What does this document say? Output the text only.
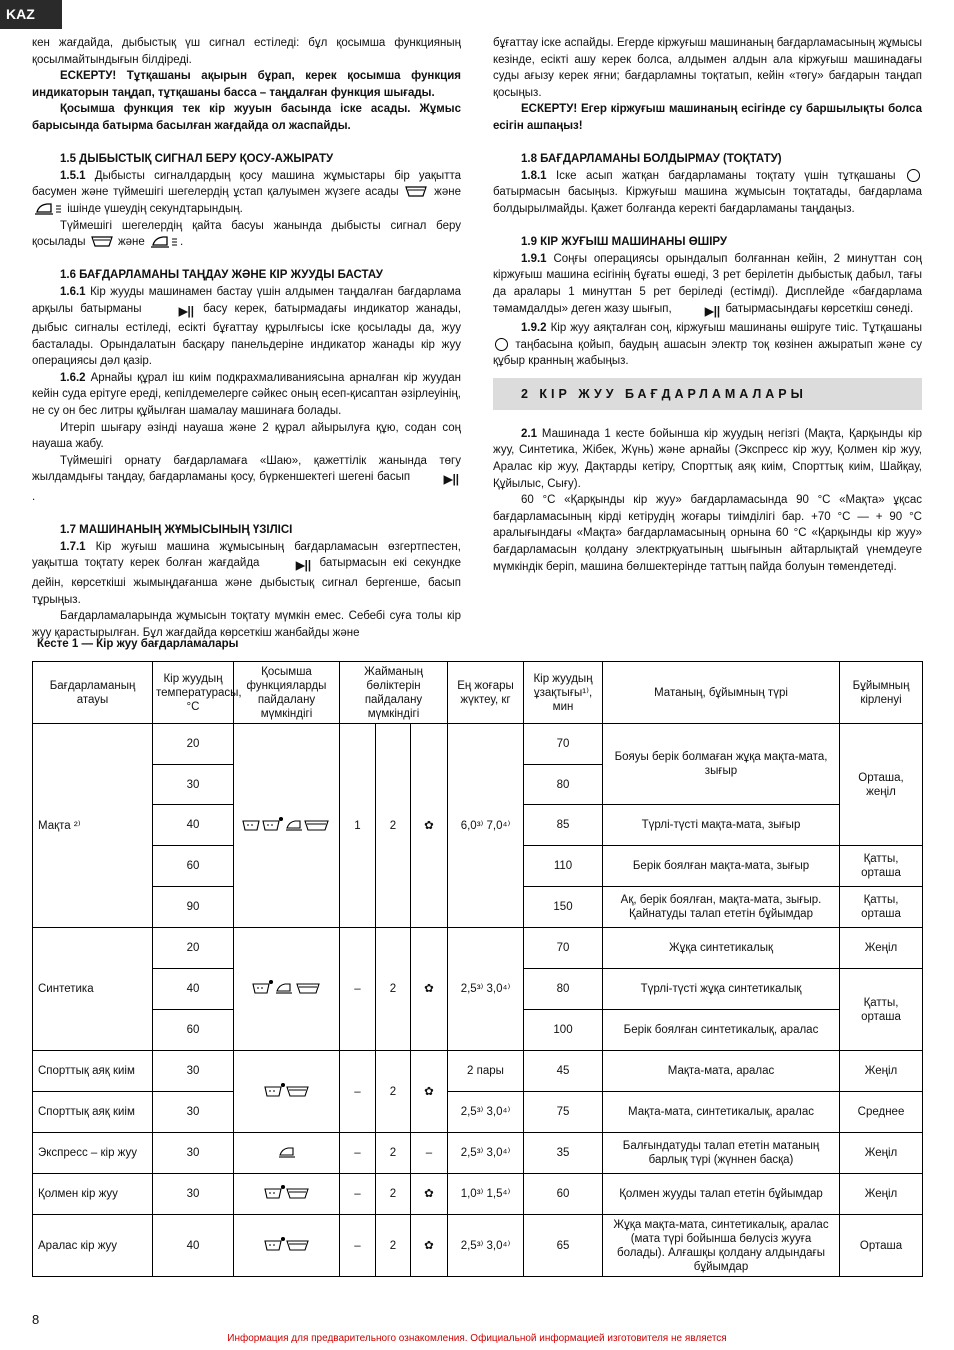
KAZ

кен жағдайда, дыбыстық үш сигнал естіледі: бұл қосымша функцияның қосылмайтындығын білдіреді.

ЕСКЕРТУ! Тұтқашаны ақырын бұрап, керек қосымша функция индикаторын таңдап, тұтқашаны басса – таңдалған функция шығады.

Қосымша функция тек кір жууын басында іске асады. Жұмыс барысында батырма басылған жағдайда ол жаспайды.

1.5 ДЫБЫСТЫҚ СИГНАЛ БЕРУ ҚОСУ-АЖЫРАТУ

1.5.1 Дыбысты сигналдардың қосу машина жұмыстары бір уақытта басумен және түймешігі шегелердің ұстап қалуымен жүзеге асады	және  ішінде үшеудің секундтарындың.

Түймешігі шегелердің қайта басуы жанында дыбысты сигнал беру қосылады	және	.

1.6 БАҒДАРЛАМАНЫ ТАҢДАУ ЖӘНЕ КІР ЖУУДЫ БАСТАУ

1.6.1 Кір жууды машинамен бастау үшін алдымен таңдалған бағдарлама арқылы батырманы	▶|| басу керек, батырмадағы индикатор жанады, дыбыс сигналы естіледі, есікті бұғаттау құрылғысы іске қосылады да, жуу басталады. Орындалатын басқару панельдеріне индикатор жанады кір жуу операциясы дәл қазір.

1.6.2 Арнайы құрал іш киім подкрахмаливаниясына арналған кір жуудан кейін суда ерітуге ереді, кепілдемелерге сәйкес оның есеп-қисаптан әзірлеуінің, не су он бес литры құйылған шамалау машинаға болады.

Итеріп шығару әзінді науаша және 2 құрал айырылуға құю, содан соң науаша жабу.

Түймешігі орнату бағдарламаға «Шаю», қажеттілік жанында төгу жылдамдығы таңдау, бағдарламаны қосу, бүркеншектегі шегені басып	▶||.

1.7 МАШИНАНЫҢ ЖҰМЫСЫНЫҢ ҮЗІЛІСІ

1.7.1 Кір жуғыш машина жұмысының бағдарламасын өзгертпестен, уақытша тоқтату керек болған жағдайда	▶|| батырмасын екі секундке дейін, көрсеткіші жымыңдағанша және дыбыстық сигнал бергенше, басып тұрыңыз.

Бағдарламаларында жұмысын тоқтату мүмкін емес. Себебі суға толы кір жуу қарастырылған. Бұл жағдайда көрсеткіш жанбайды және

бұғаттау іске аспайды. Егерде кіржуғыш машинаның бағдарламасының жұмысы кезінде, есікті ашу керек болса, алдымен алдын ала кіржуғыш машинадағы суды ағызу керек яғни; бағдарламны тоқтатып, кейін «төгу» бағдарын таңдап қосыңыз.

ЕСКЕРТУ! Егер кіржуғыш машинаның есігінде су баршылықты болса есігін ашпаңыз!

1.8 БАҒДАРЛАМАНЫ БОЛДЫРМАУ (ТОҚТАТУ)

1.8.1 Іске асып жатқан бағдарламаны тоқтату үшін тұтқашаны  батырмасын басыңыз. Кіржуғыш машина жұмысын тоқтатады, бағдарлама болдырылмайды. Қажет болғанда керекті бағдарламаны таңдаңыз.

1.9 КІР ЖУҒЫШ МАШИНАНЫ ӨШІРУ

1.9.1 Соңғы операциясы орындалып болғаннан кейін, 2 минуттан соң кіржуғыш машина есігінің бұғаты өшеді, 3 рет берілетін дыбыстық дабыл, тағы да аралары 1 минуттан 5 рет беріледі (естімді). Дисплейде «бағдарлама тәмамдалды» деген жазу шығып,	▶|| батырмасындағы көрсеткіш сөнеді.

1.9.2 Кір жуу аяқталған соң, кіржуғыш машинаны өшіруге тиіс. Тұтқашаны  таңбасына қойып, баудың ашасын электр тоқ көзінен ажыратып және су құбыр кранның жабыңыз.

2 КІР ЖУУ БАҒДАРЛАМАЛАРЫ

2.1 Машинада 1 кесте бойынша кір жуудың негізгі (Мақта, Қарқынды кір жуу, Синтетика, Жібек, Жүнь) және арнайы (Экспресс кір жуу, Қолмен кір жуу, Аралас кір жуу, Дақтарды кетіру, Спорттық аяқ киім, Спорттық киім, Шайқау, Құйылыс, Сығу).

60 °С «Қарқынды кір жуу» бағдарламасында 90 °С «Мақта» ұқсас бағдарламасының кірді кетірудің жоғары тиімділігі бар. +70 °С — + 90 °С аралығындағы «Мақта» бағдарламасының орнына 60 °С «Қарқынды кір жуу» бағдарламасын қолдану электрқуатының шығынын айтарлықтай үнемдеуге мүмкіндік беріп, машина бөлшектерінде таттың пайда болуын төмендетеді.

Кесте 1 — Кір жуу бағдарламалары
Бағдарламаның атауы	Кір жуудың температурасы, °С	Қосымша функцияларды пайдалану мүмкіндігі	Жайманың бөліктерін пайдалану мүмкіндігі			Ең жоғары жүктеу, кг	Кір жуудың ұзақтығы¹⁾, мин	Матаның, бұйымның түрі	Бұйымның кірленуі
Мақта ²⁾	20		1	2	✿	6,0³⁾ 7,0⁴⁾	70	Бояуы берік болмаған жұқа мақта-мата, зығыр	Орташа, жеңіл
	30						80		
	40						85	Түрлі-түсті мақта-мата, зығыр	
	60						110	Берік боялған мақта-мата, зығыр	Қатты, орташа
	90						150	Ақ, берік боялған, мақта-мата, зығыр. Қайнатуды талап ететін бұйымдар	Қатты, орташа
Синтетика	20		–	2	✿	2,5³⁾ 3,0⁴⁾	70	Жұқа синтетикалық	Жеңіл
	40						80	Түрлі-түсті жұқа синтетикалық	Қатты, орташа
	60						100	Берік боялған синтетикалық, аралас	
Спорттық аяқ киім	30		–	2	✿	2 пары	45	Мақта-мата, аралас	Жеңіл
Спорттық аяқ киім	30					2,5³⁾ 3,0⁴⁾	75	Мақта-мата, синтетикалық, аралас	Среднее
Экспресс – кір жуу	30		–	2	–	2,5³⁾ 3,0⁴⁾	35	Балғындатуды талап ететін матаның барлық түрі (жүннен басқа)	Жеңіл
Қолмен кір жуу	30		–	2	✿	1,0³⁾ 1,5⁴⁾	60	Қолмен жууды талап ететін бұйымдар	Жеңіл
Аралас кір жуу	40		–	2	✿	2,5³⁾ 3,0⁴⁾	65	Жұқа мақта-мата, синтетикалық, аралас (мата түрі бойынша бөлусіз жууға болады). Алғашқы қолдану алдындағы бұйымдар	Орташа
8
Информация для предварительного ознакомления. Официальной информацией изготовителя не является
